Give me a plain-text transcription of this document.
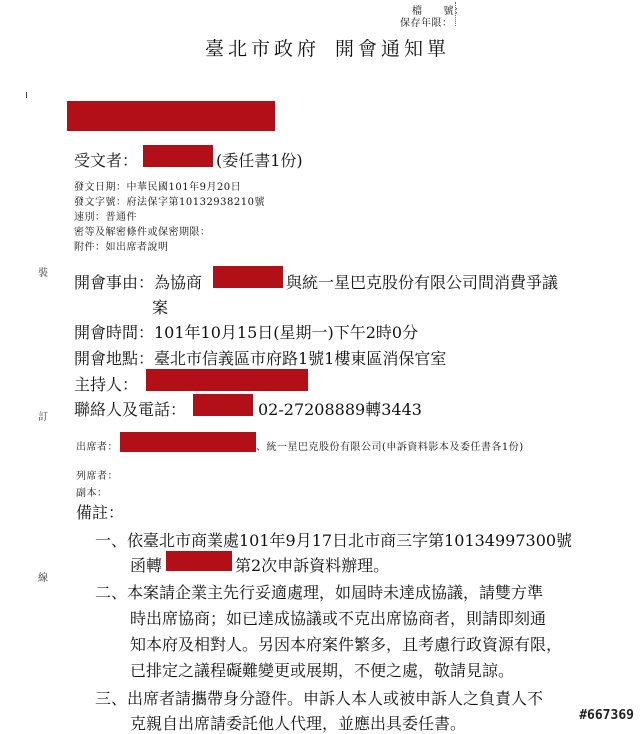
檔　　號：
保存年限：
臺北市政府 開會通知單
裝
訂
線
受文者：	(委任書1份)
發文日期：中華民國101年9月20日
發文字號：府法保字第10132938210號
速別：普通件
密等及解密條件或保密期限：
附件：如出席者說明
開會事由：為協商	與統一星巴克股份有限公司間消費爭議
案
開會時間：101年10月15日(星期一)下午2時0分
開會地點：臺北市信義區市府路1號1樓東區消保官室
主持人：
聯絡人及電話：	02-27208889轉3443
出席者：	、統一星巴克股份有限公司(申訴資料影本及委任書各1份)
列席者：
副本：
備註：
一、依臺北市商業處101年9月17日北市商三字第10134997300號
函轉	第2次申訴資料辦理。
二、本案請企業主先行妥適處理，如屆時未達成協議，請雙方準
時出席協商；如已達成協議或不克出席協商者，則請即刻通
知本府及相對人。另因本府案件繁多，且考慮行政資源有限，
已排定之議程礙難變更或展期，不便之處，敬請見諒。
三、出席者請攜帶身分證件。申訴人本人或被申訴人之負責人不
克親自出席請委託他人代理，並應出具委任書。	#667369
